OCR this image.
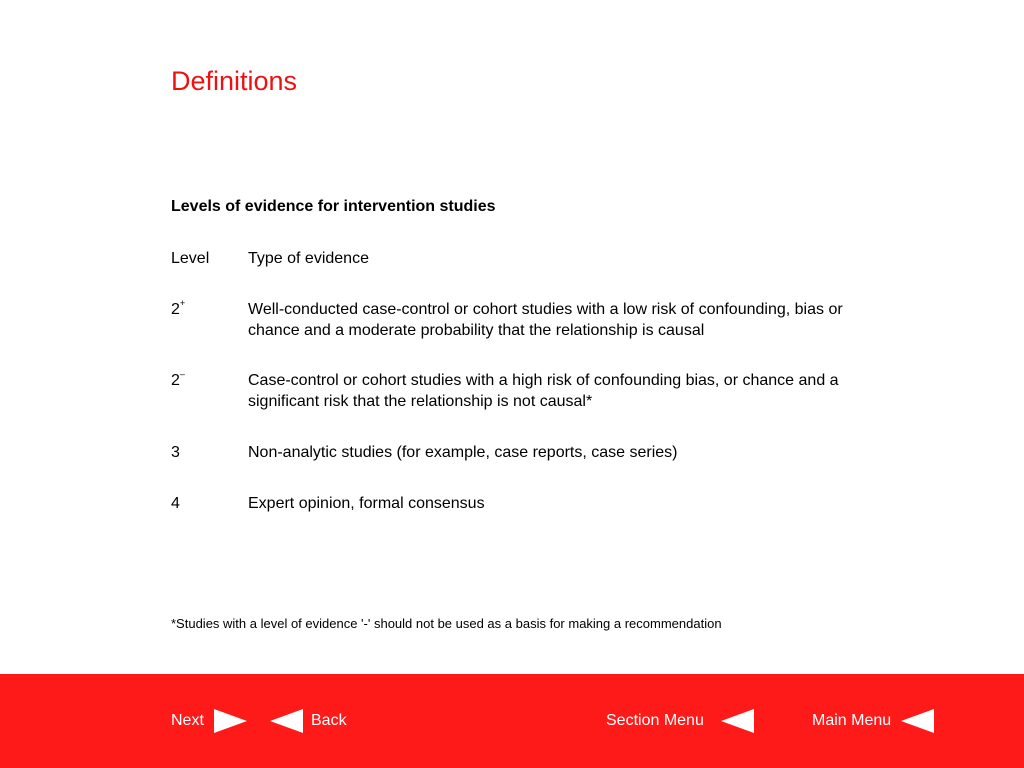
Definitions
Levels of evidence for intervention studies
Level	Type of evidence
2+	Well-conducted case-control or cohort studies with a low risk of confounding, bias or chance and a moderate probability that the relationship is causal
2–	Case-control or cohort studies with a high risk of confounding bias, or chance and a significant risk that the relationship is not causal*
3	Non-analytic studies (for example, case reports, case series)
4	Expert opinion, formal consensus
*Studies with a level of evidence '-' should not be used as a basis for making a recommendation
Next	Back	Section Menu	Main Menu
